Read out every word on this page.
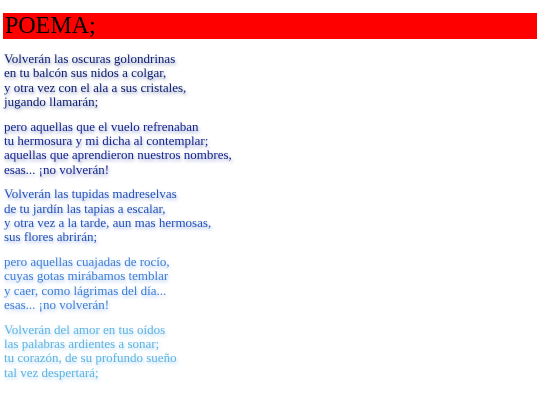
POEMA;
Volverán las oscuras golondrinas
en tu balcón sus nidos a colgar,
y otra vez con el ala a sus cristales,
jugando llamarán;
pero aquellas que el vuelo refrenaban
tu hermosura y mi dicha al contemplar;
aquellas que aprendieron nuestros nombres,
esas... ¡no volverán!
Volverán las tupidas madreselvas
de tu jardín las tapias a escalar,
y otra vez a la tarde, aun mas hermosas,
sus flores abrirán;
pero aquellas cuajadas de rocío,
cuyas gotas mirábamos temblar
y caer, como lágrimas del día...
esas... ¡no volverán!
Volverán del amor en tus oídos
las palabras ardientes a sonar;
tu corazón, de su profundo sueño
tal vez despertará;
